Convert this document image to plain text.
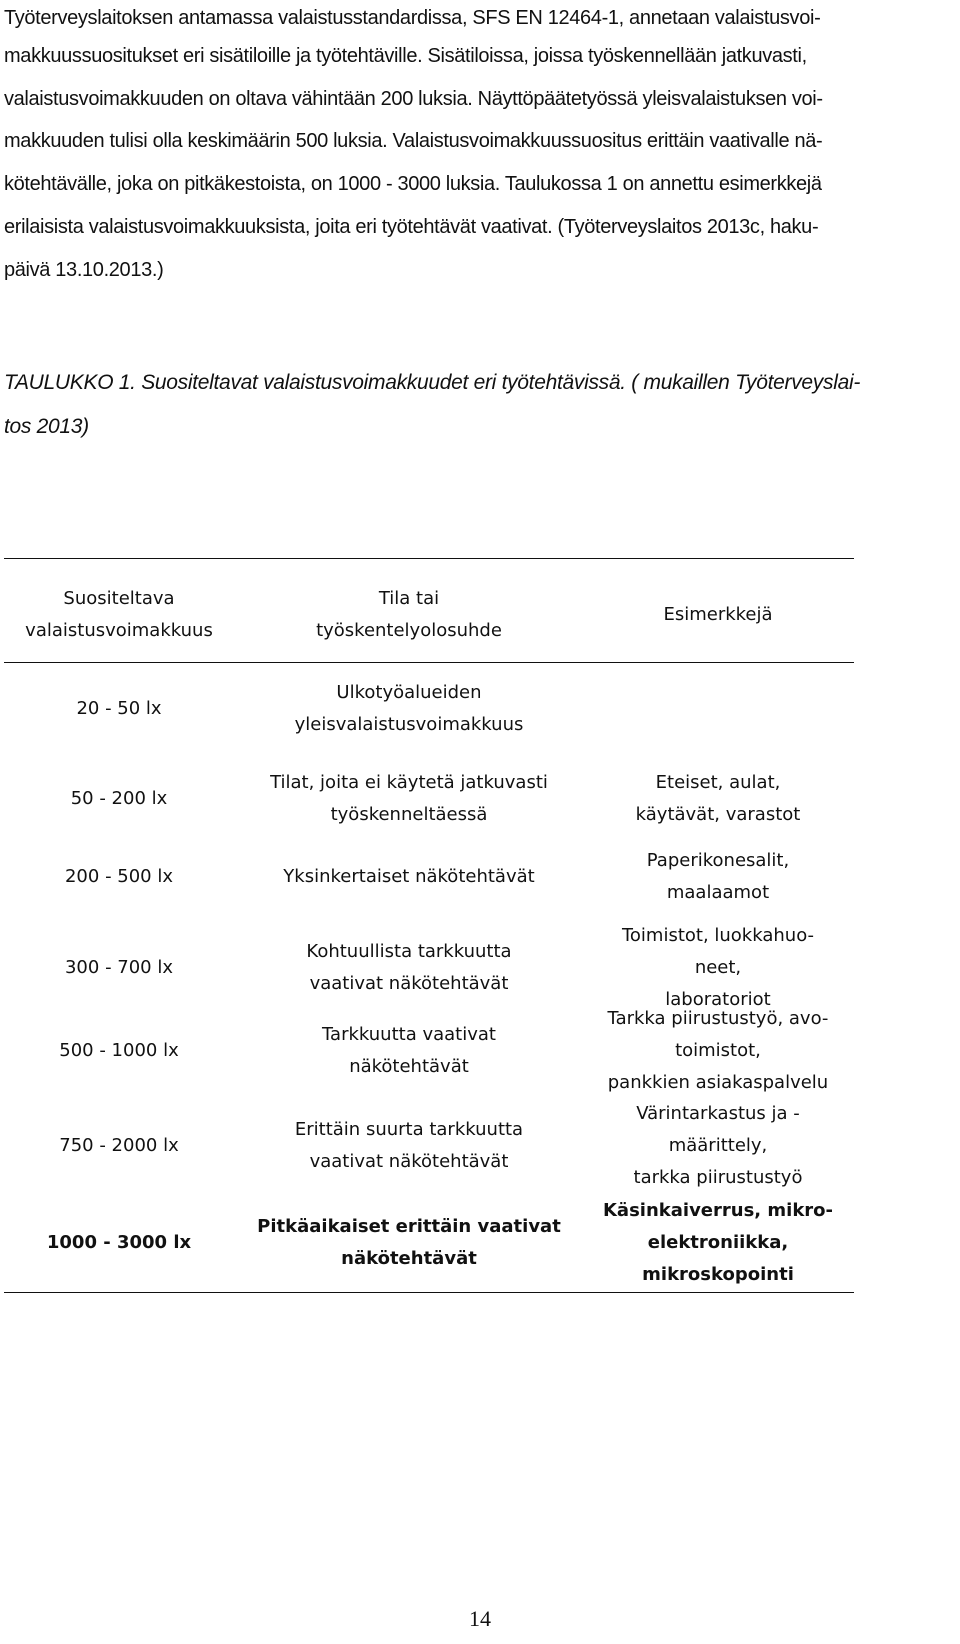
Työterveyslaitoksen antamassa valaistusstandardissa, SFS EN 12464-1, annetaan valaistusvoi-
makkuussuositukset eri sisätiloille ja työtehtäville. Sisätiloissa, joissa työskennellään jatkuvasti,
valaistusvoimakkuuden on oltava vähintään 200 luksia. Näyttöpäätetyössä yleisvalaistuksen voi-
makkuuden tulisi olla keskimäärin 500 luksia. Valaistusvoimakkuussuositus erittäin vaativalle nä-
kötehtävälle, joka on pitkäkestoista, on 1000 - 3000 luksia. Taulukossa 1 on annettu esimerkkejä
erilaisista valaistusvoimakkuuksista, joita eri työtehtävät vaativat. (Työterveyslaitos 2013c, haku-
päivä 13.10.2013.)
TAULUKKO 1. Suositeltavat valaistusvoimakkuudet eri työtehtävissä. ( mukaillen Työterveyslai-
tos 2013)
Suositeltava
valaistusvoimakkuus
Tila tai
työskentelyolosuhde
Esimerkkejä
20 - 50 lx
Ulkotyöalueiden
yleisvalaistusvoimakkuus
50 - 200 lx
Tilat, joita ei käytetä jatkuvasti
työskenneltäessä
Eteiset, aulat,
käytävät, varastot
200 - 500 lx	Yksinkertaiset näkötehtävät
Paperikonesalit,
maalaamot
300 - 700 lx
Kohtuullista tarkkuutta
vaativat näkötehtävät
Toimistot, luokkahuo-
neet,
laboratoriot
500 - 1000 lx
Tarkkuutta vaativat
näkötehtävät
Tarkka piirustustyö, avo-
toimistot,
pankkien asiakaspalvelu
750 - 2000 lx
Erittäin suurta tarkkuutta
vaativat näkötehtävät
Värintarkastus ja -
määrittely,
tarkka piirustustyö
1000 - 3000 lx
Pitkäaikaiset erittäin vaativat
näkötehtävät
Käsinkaiverrus, mikro-
elektroniikka,
mikroskopointi
14
